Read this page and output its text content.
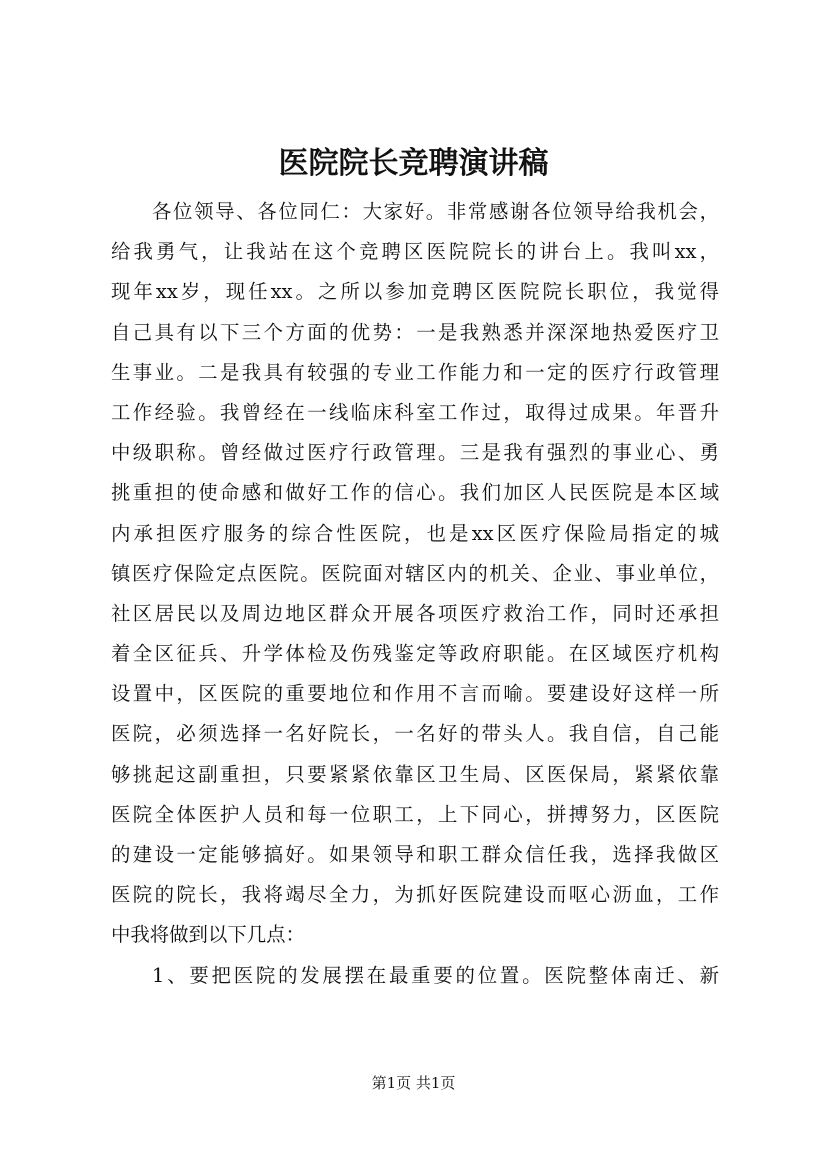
医院院长竞聘演讲稿
各位领导、各位同仁：大家好。非常感谢各位领导给我机会，
给我勇气，让我站在这个竞聘区医院院长的讲台上。我叫xx，
现年xx岁，现任xx。之所以参加竞聘区医院院长职位，我觉得
自己具有以下三个方面的优势：一是我熟悉并深深地热爱医疗卫
生事业。二是我具有较强的专业工作能力和一定的医疗行政管理
工作经验。我曾经在一线临床科室工作过，取得过成果。年晋升
中级职称。曾经做过医疗行政管理。三是我有强烈的事业心、勇
挑重担的使命感和做好工作的信心。我们加区人民医院是本区域
内承担医疗服务的综合性医院，也是xx区医疗保险局指定的城
镇医疗保险定点医院。医院面对辖区内的机关、企业、事业单位，
社区居民以及周边地区群众开展各项医疗救治工作，同时还承担
着全区征兵、升学体检及伤残鉴定等政府职能。在区域医疗机构
设置中，区医院的重要地位和作用不言而喻。要建设好这样一所
医院，必须选择一名好院长，一名好的带头人。我自信，自己能
够挑起这副重担，只要紧紧依靠区卫生局、区医保局，紧紧依靠
医院全体医护人员和每一位职工，上下同心，拼搏努力，区医院
的建设一定能够搞好。如果领导和职工群众信任我，选择我做区
医院的院长，我将竭尽全力，为抓好医院建设而呕心沥血，工作
中我将做到以下几点：
1、要把医院的发展摆在最重要的位置。医院整体南迁、新
第1页 共1页
